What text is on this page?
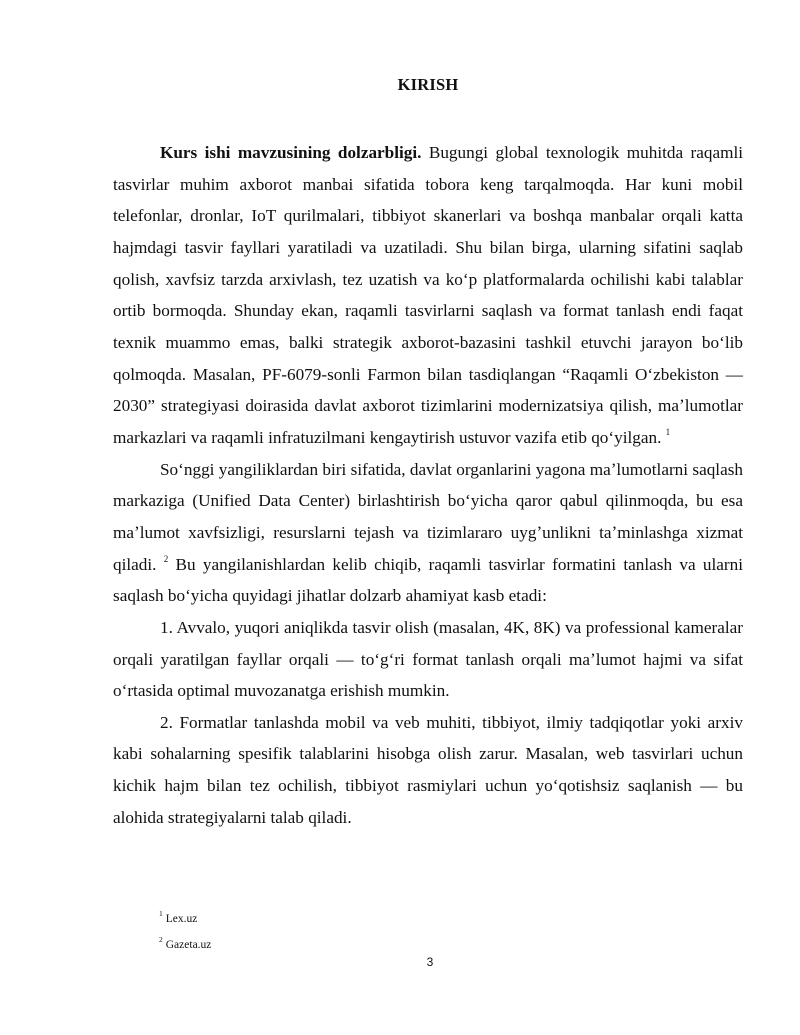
KIRISH

Kurs ishi mavzusining dolzarbligi. Bugungi global texnologik muhitda raqamli tasvirlar muhim axborot manbai sifatida tobora keng tarqalmoqda. Har kuni mobil telefonlar, dronlar, IoT qurilmalari, tibbiyot skanerlari va boshqa manbalar orqali katta hajmdagi tasvir fayllari yaratiladi va uzatiladi. Shu bilan birga, ularning sifatini saqlab qolish, xavfsiz tarzda arxivlash, tez uzatish va koʻp platformalarda ochilishi kabi talablar ortib bormoqda. Shunday ekan, raqamli tasvirlarni saqlash va format tanlash endi faqat texnik muammo emas, balki strategik axborot-bazasini tashkil etuvchi jarayon boʻlib qolmoqda. Masalan, PF-6079-sonli Farmon bilan tasdiqlangan “Raqamli Oʻzbekiston — 2030” strategiyasi doirasida davlat axborot tizimlarini modernizatsiya qilish, maʼlumotlar markazlari va raqamli infratuzilmani kengaytirish ustuvor vazifa etib qoʻyilgan. $^1$

Soʻnggi yangiliklardan biri sifatida, davlat organlarini yagona maʼlumotlarni saqlash markaziga (Unified Data Center) birlashtirish boʻyicha qaror qabul qilinmoqda, bu esa maʼlumot xavfsizligi, resurslarni tejash va tizimlararo uygʼunlikni taʼminlashga xizmat qiladi. $^2$ Bu yangilanishlardan kelib chiqib, raqamli tasvirlar formatini tanlash va ularni saqlash boʻyicha quyidagi jihatlar dolzarb ahamiyat kasb etadi:

1. Avvalo, yuqori aniqlikda tasvir olish (masalan, 4K, 8K) va professional kameralar orqali yaratilgan fayllar orqali — toʻgʻri format tanlash orqali maʼlumot hajmi va sifat oʻrtasida optimal muvozanatga erishish mumkin.

2. Formatlar tanlashda mobil va veb muhiti, tibbiyot, ilmiy tadqiqotlar yoki arxiv kabi sohalarning spesifik talablarini hisobga olish zarur. Masalan, web tasvirlari uchun kichik hajm bilan tez ochilish, tibbiyot rasmiylari uchun yoʻqotishsiz saqlanish — bu alohida strategiyalarni talab qiladi.

$^1$ Lex.uz
$^2$ Gazeta.uz
3
